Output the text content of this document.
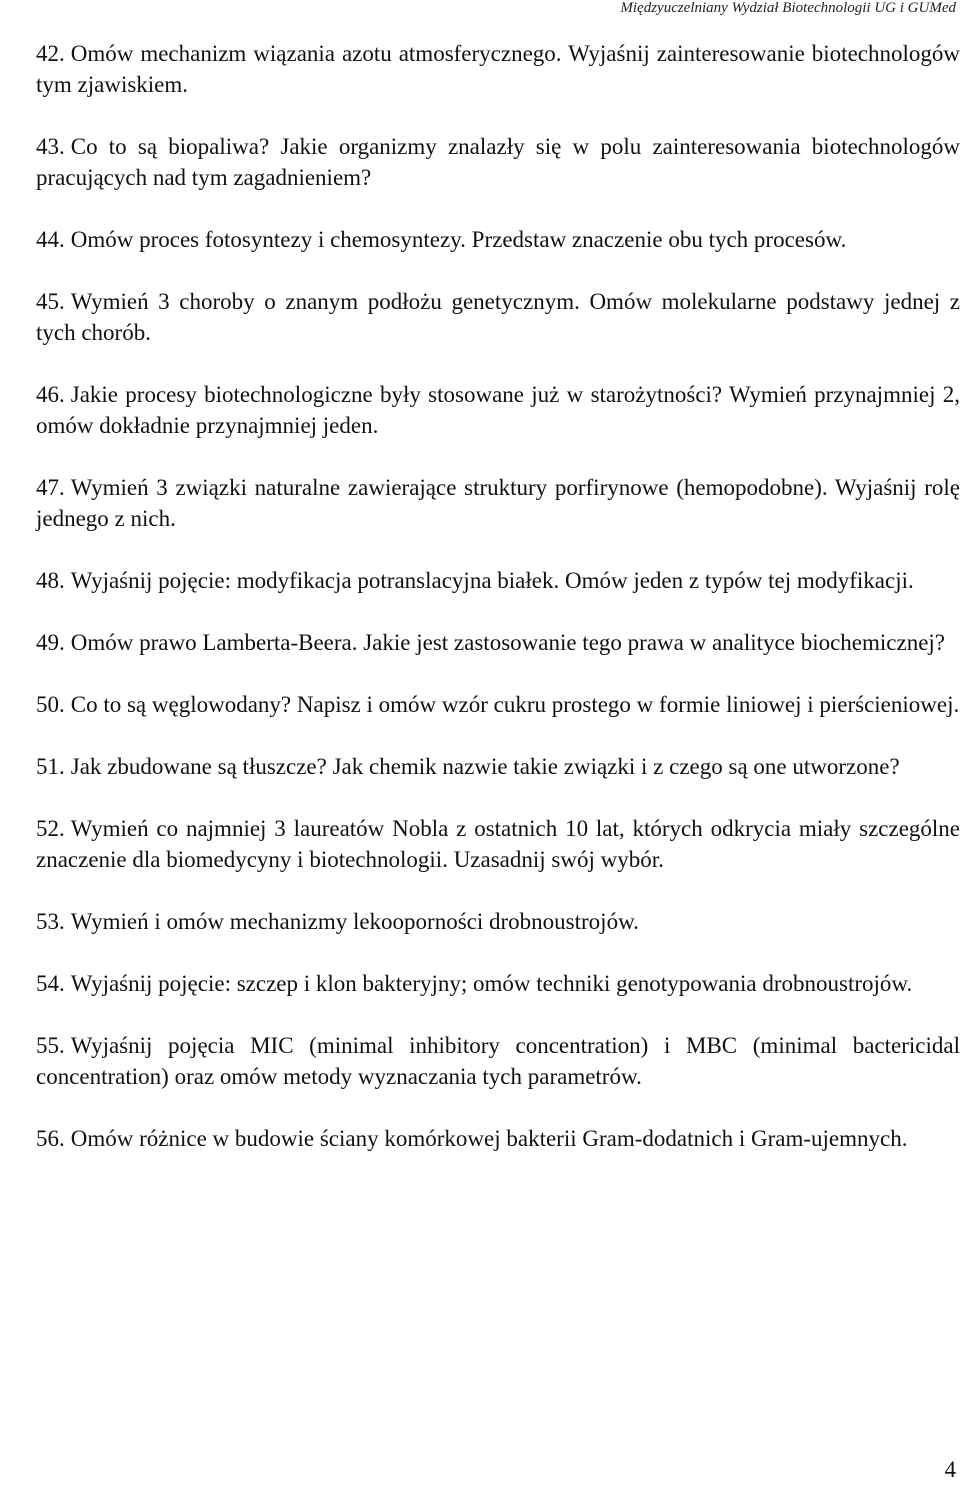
Międzyuczelniany Wydział Biotechnologii UG i GUMed

42. Omów mechanizm wiązania azotu atmosferycznego. Wyjaśnij zainteresowanie biotechnologów tym zjawiskiem.

43. Co to są biopaliwa? Jakie organizmy znalazły się w polu zainteresowania biotechnologów pracujących nad tym zagadnieniem?

44. Omów proces fotosyntezy i chemosyntezy. Przedstaw znaczenie obu tych procesów.

45. Wymień 3 choroby o znanym podłożu genetycznym. Omów molekularne podstawy jednej z tych chorób.

46. Jakie procesy biotechnologiczne były stosowane już w starożytności? Wymień przynajmniej 2, omów dokładnie przynajmniej jeden.

47. Wymień 3 związki naturalne zawierające struktury porfirynowe (hemopodobne). Wyjaśnij rolę jednego z nich.

48. Wyjaśnij pojęcie: modyfikacja potranslacyjna białek. Omów jeden z typów tej modyfikacji.

49. Omów prawo Lamberta-Beera. Jakie jest zastosowanie tego prawa w analityce biochemicznej?

50. Co to są węglowodany? Napisz i omów wzór cukru prostego w formie liniowej i pierścieniowej.

51. Jak zbudowane są tłuszcze? Jak chemik nazwie takie związki i z czego są one utworzone?

52. Wymień co najmniej 3 laureatów Nobla z ostatnich 10 lat, których odkrycia miały szczególne znaczenie dla biomedycyny i biotechnologii. Uzasadnij swój wybór.

53. Wymień i omów mechanizmy lekooporności drobnoustrojów.

54. Wyjaśnij pojęcie: szczep i klon bakteryjny; omów techniki genotypowania drobnoustrojów.

55. Wyjaśnij pojęcia MIC (minimal inhibitory concentration) i MBC (minimal bactericidal concentration) oraz omów metody wyznaczania tych parametrów.

56. Omów różnice w budowie ściany komórkowej bakterii Gram-dodatnich i Gram-ujemnych.

4
